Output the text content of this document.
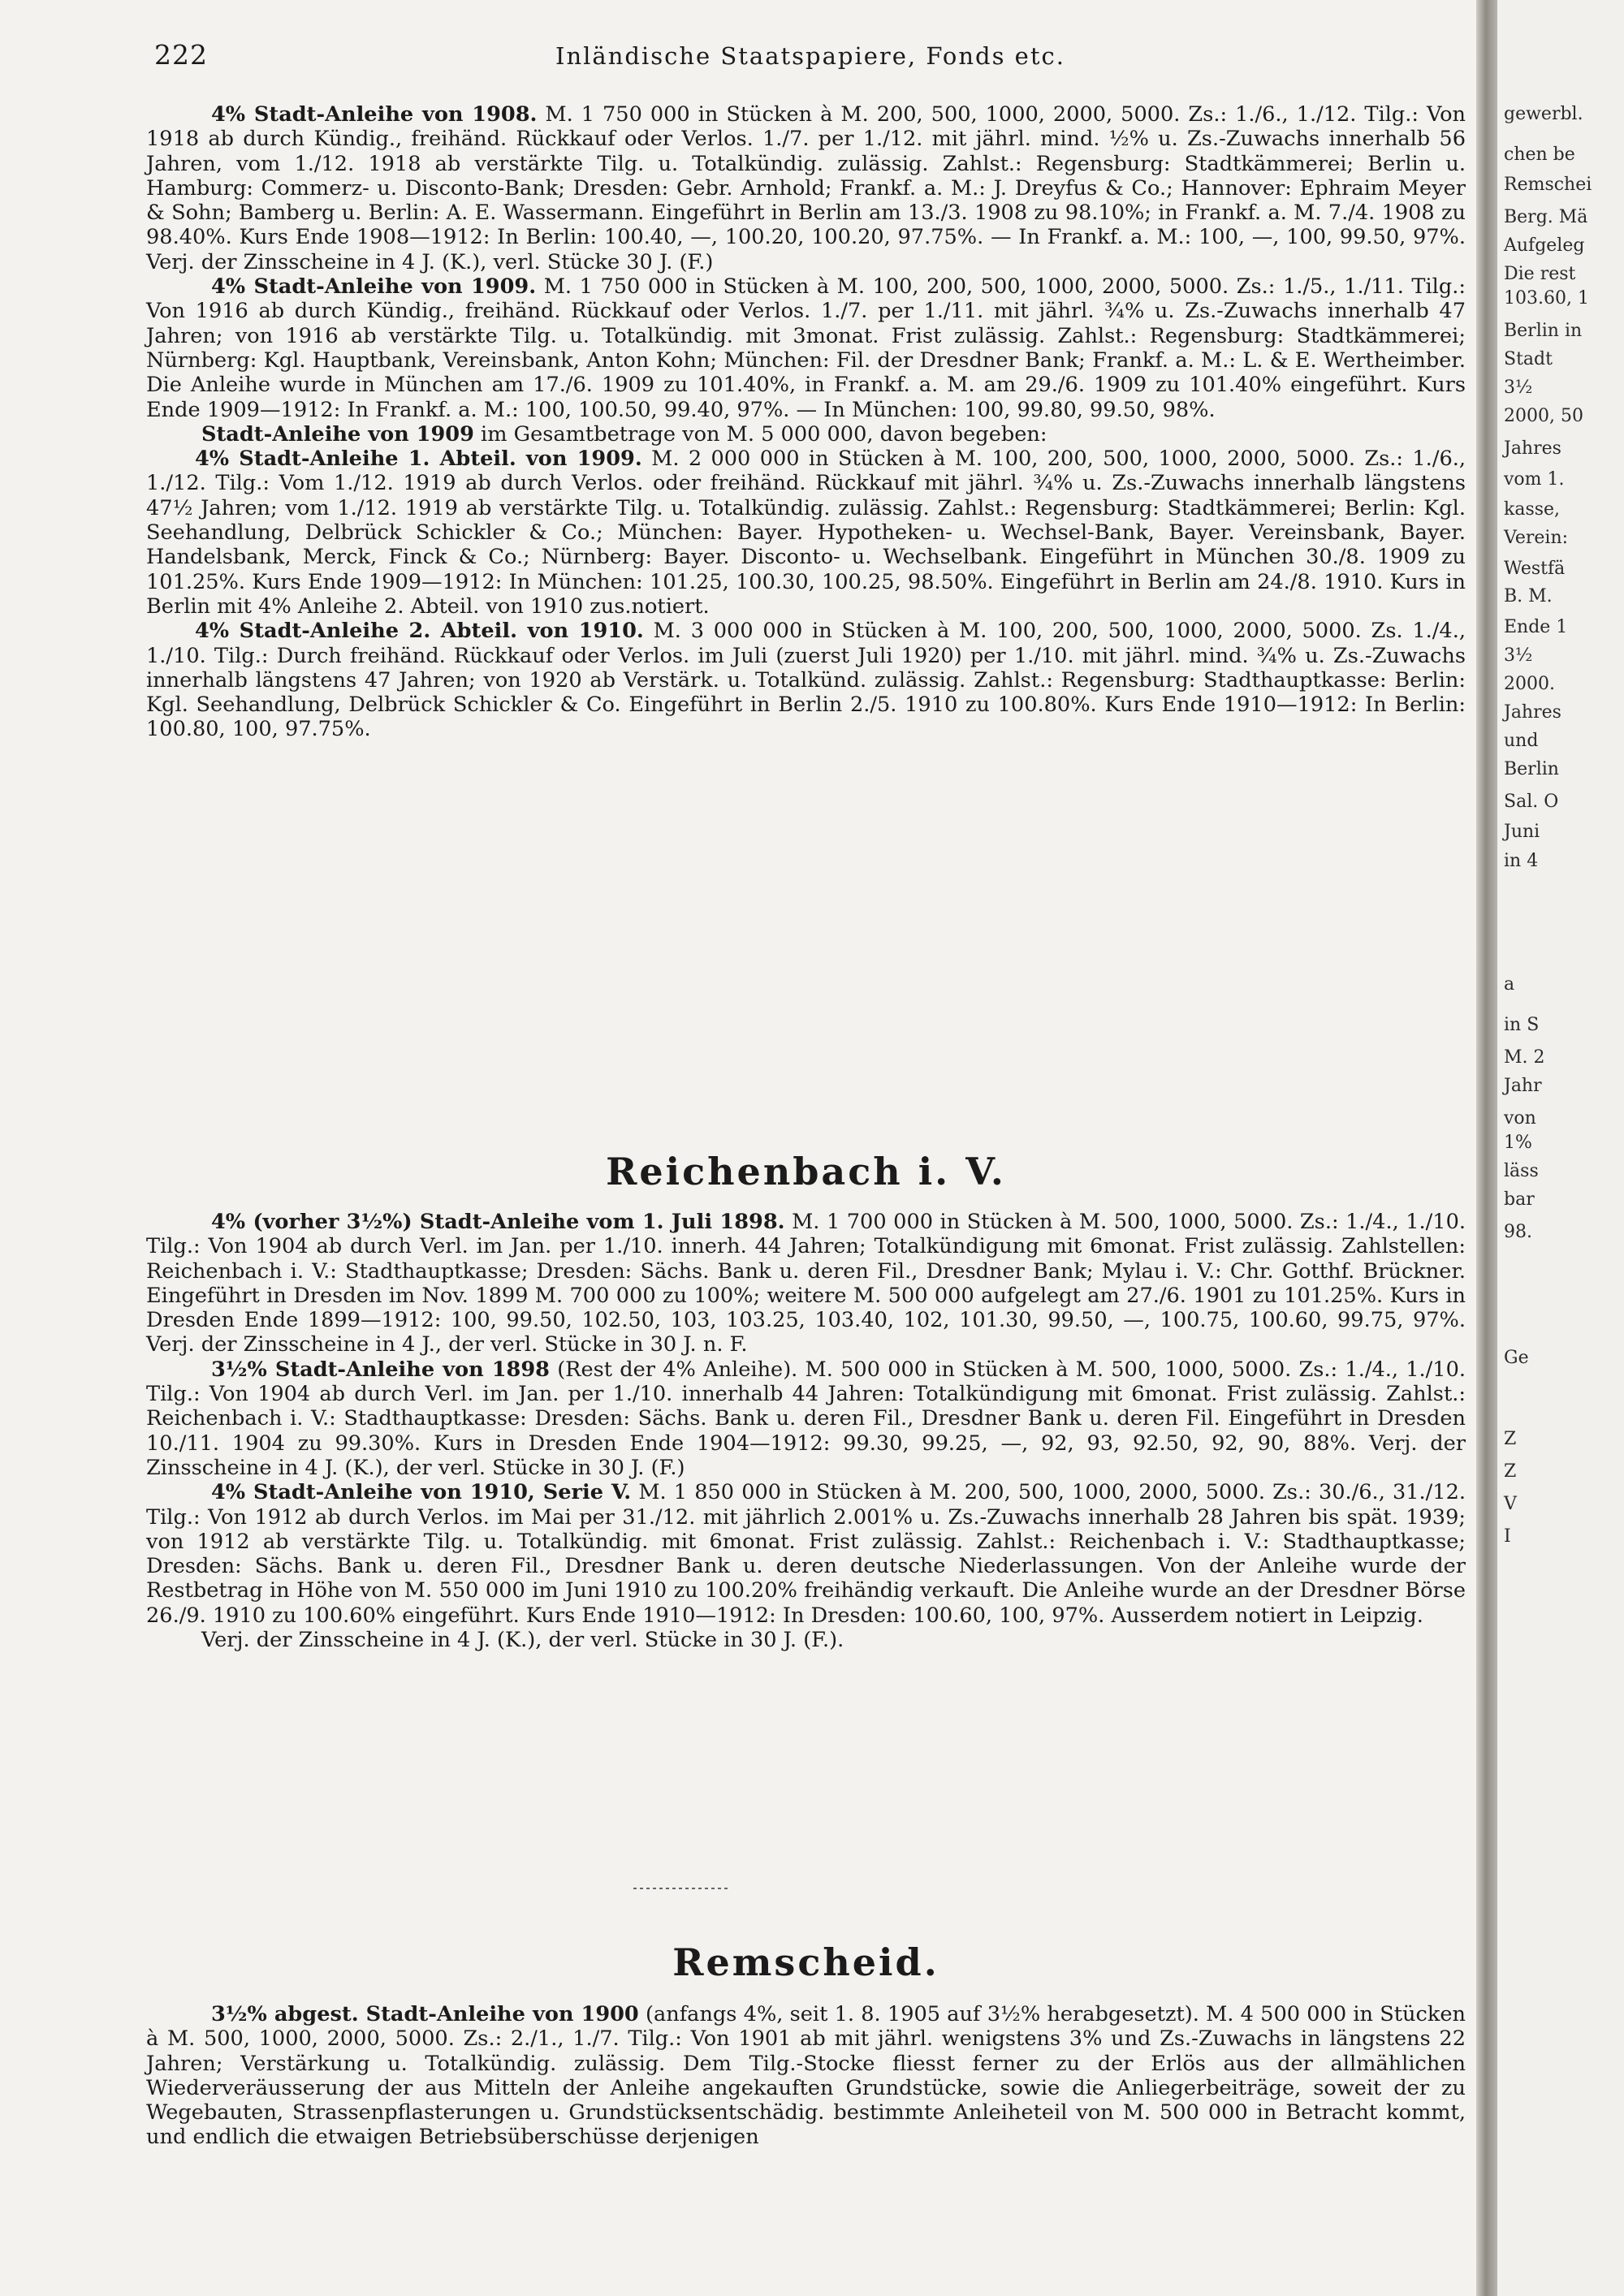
222	Inländische Staatspapiere, Fonds etc.

4% Stadt-Anleihe von 1908. M. 1 750 000 in Stücken à M. 200, 500, 1000, 2000, 5000. Zs.: 1./6., 1./12. Tilg.: Von 1918 ab durch Kündig., freihänd. Rückkauf oder Verlos. 1./7. per 1./12. mit jährl. mind. ½% u. Zs.-Zuwachs innerhalb 56 Jahren, vom 1./12. 1918 ab verstärkte Tilg. u. Totalkündig. zulässig. Zahlst.: Regensburg: Stadtkämmerei; Berlin u. Hamburg: Commerz- u. Disconto-Bank; Dresden: Gebr. Arnhold; Frankf. a. M.: J. Dreyfus & Co.; Hannover: Ephraim Meyer & Sohn; Bamberg u. Berlin: A. E. Wassermann. Eingeführt in Berlin am 13./3. 1908 zu 98.10%; in Frankf. a. M. 7./4. 1908 zu 98.40%. Kurs Ende 1908—1912: In Berlin: 100.40, —, 100.20, 100.20, 97.75%. — In Frankf. a. M.: 100, —, 100, 99.50, 97%. Verj. der Zinsscheine in 4 J. (K.), verl. Stücke 30 J. (F.)

4% Stadt-Anleihe von 1909. M. 1 750 000 in Stücken à M. 100, 200, 500, 1000, 2000, 5000. Zs.: 1./5., 1./11. Tilg.: Von 1916 ab durch Kündig., freihänd. Rückkauf oder Verlos. 1./7. per 1./11. mit jährl. ¾% u. Zs.-Zuwachs innerhalb 47 Jahren; von 1916 ab verstärkte Tilg. u. Totalkündig. mit 3monat. Frist zulässig. Zahlst.: Regensburg: Stadtkämmerei; Nürnberg: Kgl. Hauptbank, Vereinsbank, Anton Kohn; München: Fil. der Dresdner Bank; Frankf. a. M.: L. & E. Wertheimber. Die Anleihe wurde in München am 17./6. 1909 zu 101.40%, in Frankf. a. M. am 29./6. 1909 zu 101.40% eingeführt. Kurs Ende 1909—1912: In Frankf. a. M.: 100, 100.50, 99.40, 97%. — In München: 100, 99.80, 99.50, 98%.

Stadt-Anleihe von 1909 im Gesamtbetrage von M. 5 000 000, davon begeben:

4% Stadt-Anleihe 1. Abteil. von 1909. M. 2 000 000 in Stücken à M. 100, 200, 500, 1000, 2000, 5000. Zs.: 1./6., 1./12. Tilg.: Vom 1./12. 1919 ab durch Verlos. oder freihänd. Rückkauf mit jährl. ¾% u. Zs.-Zuwachs innerhalb längstens 47½ Jahren; vom 1./12. 1919 ab verstärkte Tilg. u. Totalkündig. zulässig. Zahlst.: Regensburg: Stadtkämmerei; Berlin: Kgl. Seehandlung, Delbrück Schickler & Co.; München: Bayer. Hypotheken- u. Wechsel-Bank, Bayer. Vereinsbank, Bayer. Handelsbank, Merck, Finck & Co.; Nürnberg: Bayer. Disconto- u. Wechselbank. Eingeführt in München 30./8. 1909 zu 101.25%. Kurs Ende 1909—1912: In München: 101.25, 100.30, 100.25, 98.50%. Eingeführt in Berlin am 24./8. 1910. Kurs in Berlin mit 4% Anleihe 2. Abteil. von 1910 zus.notiert.

4% Stadt-Anleihe 2. Abteil. von 1910. M. 3 000 000 in Stücken à M. 100, 200, 500, 1000, 2000, 5000. Zs. 1./4., 1./10. Tilg.: Durch freihänd. Rückkauf oder Verlos. im Juli (zuerst Juli 1920) per 1./10. mit jährl. mind. ¾% u. Zs.-Zuwachs innerhalb längstens 47 Jahren; von 1920 ab Verstärk. u. Totalkünd. zulässig. Zahlst.: Regensburg: Stadthauptkasse: Berlin: Kgl. Seehandlung, Delbrück Schickler & Co. Eingeführt in Berlin 2./5. 1910 zu 100.80%. Kurs Ende 1910—1912: In Berlin: 100.80, 100, 97.75%.

Reichenbach i. V.

4% (vorher 3½%) Stadt-Anleihe vom 1. Juli 1898. M. 1 700 000 in Stücken à M. 500, 1000, 5000. Zs.: 1./4., 1./10. Tilg.: Von 1904 ab durch Verl. im Jan. per 1./10. innerh. 44 Jahren; Totalkündigung mit 6monat. Frist zulässig. Zahlstellen: Reichenbach i. V.: Stadthauptkasse; Dresden: Sächs. Bank u. deren Fil., Dresdner Bank; Mylau i. V.: Chr. Gotthf. Brückner. Eingeführt in Dresden im Nov. 1899 M. 700 000 zu 100%; weitere M. 500 000 aufgelegt am 27./6. 1901 zu 101.25%. Kurs in Dresden Ende 1899—1912: 100, 99.50, 102.50, 103, 103.25, 103.40, 102, 101.30, 99.50, —, 100.75, 100.60, 99.75, 97%. Verj. der Zinsscheine in 4 J., der verl. Stücke in 30 J. n. F.

3½% Stadt-Anleihe von 1898 (Rest der 4% Anleihe). M. 500 000 in Stücken à M. 500, 1000, 5000. Zs.: 1./4., 1./10. Tilg.: Von 1904 ab durch Verl. im Jan. per 1./10. innerhalb 44 Jahren: Totalkündigung mit 6monat. Frist zulässig. Zahlst.: Reichenbach i. V.: Stadthauptkasse: Dresden: Sächs. Bank u. deren Fil., Dresdner Bank u. deren Fil. Eingeführt in Dresden 10./11. 1904 zu 99.30%. Kurs in Dresden Ende 1904—1912: 99.30, 99.25, —, 92, 93, 92.50, 92, 90, 88%. Verj. der Zinsscheine in 4 J. (K.), der verl. Stücke in 30 J. (F.)

4% Stadt-Anleihe von 1910, Serie V. M. 1 850 000 in Stücken à M. 200, 500, 1000, 2000, 5000. Zs.: 30./6., 31./12. Tilg.: Von 1912 ab durch Verlos. im Mai per 31./12. mit jährlich 2.001% u. Zs.-Zuwachs innerhalb 28 Jahren bis spät. 1939; von 1912 ab verstärkte Tilg. u. Totalkündig. mit 6monat. Frist zulässig. Zahlst.: Reichenbach i. V.: Stadthauptkasse; Dresden: Sächs. Bank u. deren Fil., Dresdner Bank u. deren deutsche Niederlassungen. Von der Anleihe wurde der Restbetrag in Höhe von M. 550 000 im Juni 1910 zu 100.20% freihändig verkauft. Die Anleihe wurde an der Dresdner Börse 26./9. 1910 zu 100.60% eingeführt. Kurs Ende 1910—1912: In Dresden: 100.60, 100, 97%. Ausserdem notiert in Leipzig.

Verj. der Zinsscheine in 4 J. (K.), der verl. Stücke in 30 J. (F.).

Remscheid.

3½% abgest. Stadt-Anleihe von 1900 (anfangs 4%, seit 1. 8. 1905 auf 3½% herabgesetzt). M. 4 500 000 in Stücken à M. 500, 1000, 2000, 5000. Zs.: 2./1., 1./7. Tilg.: Von 1901 ab mit jährl. wenigstens 3% und Zs.-Zuwachs in längstens 22 Jahren; Verstärkung u. Totalkündig. zulässig. Dem Tilg.-Stocke fliesst ferner zu der Erlös aus der allmählichen Wiederveräusserung der aus Mitteln der Anleihe angekauften Grundstücke, sowie die Anliegerbeiträge, soweit der zu Wegebauten, Strassenpflasterungen u. Grundstücksentschädig. bestimmte Anleiheteil von M. 500 000 in Betracht kommt, und endlich die etwaigen Betriebsüberschüsse derjenigen

gewerbl.
chen be
Remschei
Berg. Mä
Aufgeleg
Die rest
103.60, 1
Berlin in
Stadt
3½
2000, 50
Jahres
vom 1.
kasse,
Verein:
Westfä
B. M.
Ende 1
3½
2000.
Jahres
und
Berlin
Sal. O
Juni
in 4
a
in S
M. 2
Jahr
von
1%
läss
bar
98.
Ge
Z
Z
V
I
